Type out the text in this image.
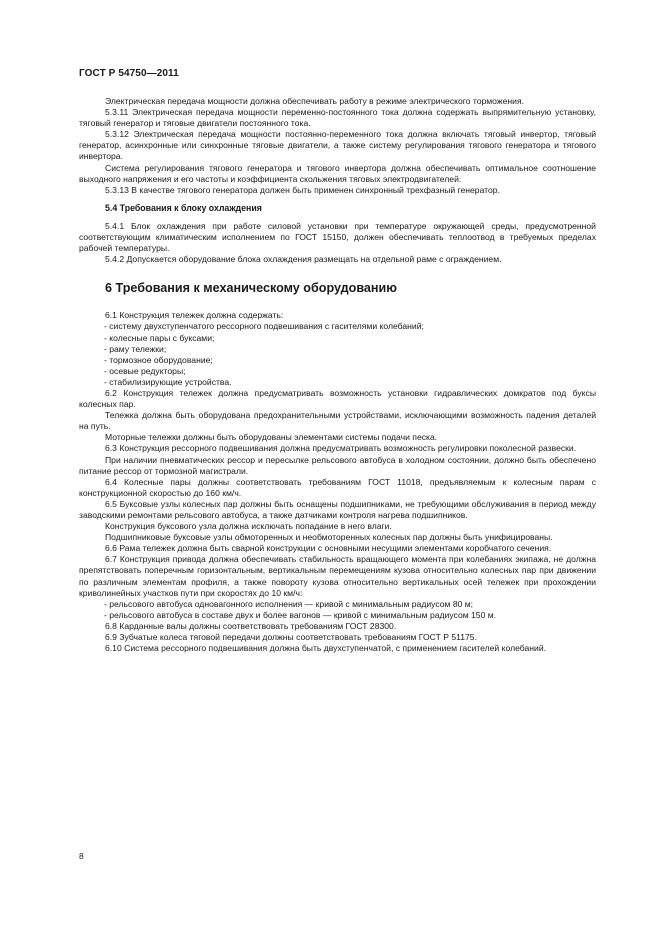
ГОСТ Р 54750—2011

Электрическая передача мощности должна обеспечивать работу в режиме электрического торможения.

5.3.11 Электрическая передача мощности переменно-постоянного тока должна содержать выпрямительную установку, тяговый генератор и тяговые двигатели постоянного тока.

5.3.12 Электрическая передача мощности постоянно-переменного тока должна включать тяговый инвертор, тяговый генератор, асинхронные или синхронные тяговые двигатели, а также систему регулирования тягового генератора и тягового инвертора.

Система регулирования тягового генератора и тягового инвертора должна обеспечивать оптимальное соотношение выходного напряжения и его частоты и коэффициента скольжения тяговых электродвигателей.

5.3.13 В качестве тягового генератора должен быть применен синхронный трехфазный генератор.

5.4 Требования к блоку охлаждения

5.4.1 Блок охлаждения при работе силовой установки при температуре окружающей среды, предусмотренной соответствующим климатическим исполнением по ГОСТ 15150, должен обеспечивать теплоотвод в требуемых пределах рабочей температуры.

5.4.2 Допускается оборудование блока охлаждения размещать на отдельной раме с ограждением.

6 Требования к механическому оборудованию

6.1 Конструкция тележек должна содержать:

- систему двухступенчатого рессорного подвешивания с гасителями колебаний;

- колесные пары с буксами;

- раму тележки;

- тормозное оборудование;

- осевые редукторы;

- стабилизирующие устройства.

6.2 Конструкция тележек должна предусматривать возможность установки гидравлических домкратов под буксы колесных пар.

Тележка должна быть оборудована предохранительными устройствами, исключающими возможность падения деталей на путь.

Моторные тележки должны быть оборудованы элементами системы подачи песка.

6.3 Конструкция рессорного подвешивания должна предусматривать возможность регулировки поколесной развески.

При наличии пневматических рессор и пересылке рельсового автобуса в холодном состоянии, должно быть обеспечено питание рессор от тормозной магистрали.

6.4 Колесные пары должны соответствовать требованиям ГОСТ 11018, предъявляемым к колесным парам с конструкционной скоростью до 160 км/ч.

6.5 Буксовые узлы колесных пар должны быть оснащены подшипниками, не требующими обслуживания в период между заводскими ремонтами рельсового автобуса, а также датчиками контроля нагрева подшипников.

Конструкция буксового узла должна исключать попадание в него влаги.

Подшипниковые буксовые узлы обмоторенных и необмоторенных колесных пар должны быть унифицированы.

6.6 Рама тележек должна быть сварной конструкции с основными несущими элементами коробчатого сечения.

6.7 Конструкция привода должна обеспечивать стабильность вращающего момента при колебаниях экипажа, не должна препятствовать поперечным горизонтальным, вертикальным перемещениям кузова относительно колесных пар при движении по различным элементам профиля, а также повороту кузова относительно вертикальных осей тележек при прохождении криволинейных участков пути при скоростях до 10 км/ч:

- рельсового автобуса одновагонного исполнения — кривой с минимальным радиусом 80 м;

- рельсового автобуса в составе двух и более вагонов — кривой с минимальным радиусом 150 м.

6.8 Карданные валы должны соответствовать требованиям ГОСТ 28300.

6.9 Зубчатые колеса тяговой передачи должны соответствовать требованиям ГОСТ Р 51175.

6.10 Система рессорного подвешивания должна быть двухступенчатой, с применением гасителей колебаний.

8
